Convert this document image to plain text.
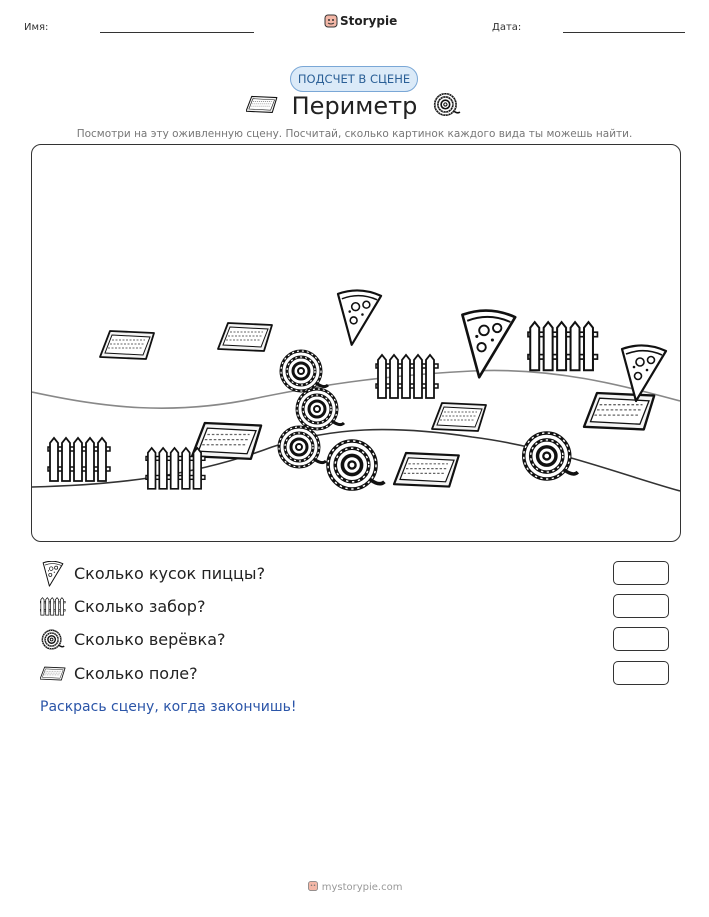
Имя:	Storypie	Дата:
ПОДСЧЕТ В СЦЕНЕ
Периметр
Посмотри на эту оживленную сцену. Посчитай, сколько картинок каждого вида ты можешь найти.
Сколько кусок пиццы?
Сколько забор?
Сколько верёвка?
Сколько поле?
Раскрась сцену, когда закончишь!
mystorypie.com
